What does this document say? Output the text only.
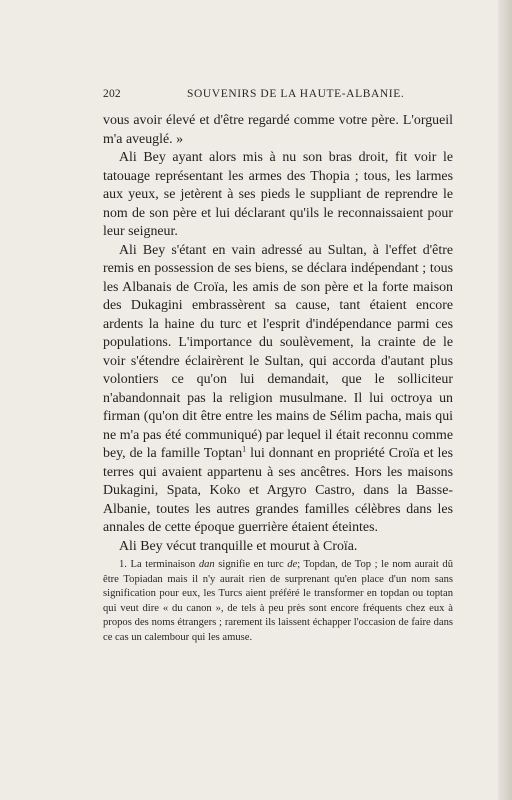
202	SOUVENIRS DE LA HAUTE-ALBANIE.

vous avoir élevé et d'être regardé comme votre père. L'orgueil m'a aveuglé. »

Ali Bey ayant alors mis à nu son bras droit, fit voir le tatouage représentant les armes des Thopia ; tous, les larmes aux yeux, se jetèrent à ses pieds le suppliant de reprendre le nom de son père et lui déclarant qu'ils le reconnaissaient pour leur seigneur.

Ali Bey s'étant en vain adressé au Sultan, à l'effet d'être remis en possession de ses biens, se déclara indépendant ; tous les Albanais de Croïa, les amis de son père et la forte maison des Dukagini embrassèrent sa cause, tant étaient encore ardents la haine du turc et l'esprit d'indépendance parmi ces populations. L'importance du soulèvement, la crainte de le voir s'étendre éclairèrent le Sultan, qui accorda d'autant plus volontiers ce qu'on lui demandait, que le solliciteur n'abandonnait pas la religion musulmane. Il lui octroya un firman (qu'on dit être entre les mains de Sélim pacha, mais qui ne m'a pas été communiqué) par lequel il était reconnu comme bey, de la famille Toptan$^1$ lui donnant en propriété Croïa et les terres qui avaient appartenu à ses ancêtres. Hors les maisons Dukagini, Spata, Koko et Argyro Castro, dans la Basse-Albanie, toutes les autres grandes familles célèbres dans les annales de cette époque guerrière étaient éteintes.

Ali Bey vécut tranquille et mourut à Croïa.

1. La terminaison dan signifie en turc de; Topdan, de Top ; le nom aurait dû être Topiadan mais il n'y aurait rien de surprenant qu'en place d'un nom sans signification pour eux, les Turcs aient préféré le transformer en topdan ou toptan qui veut dire « du canon », de tels à peu près sont encore fréquents chez eux à propos des noms étrangers ; rarement ils laissent échapper l'occasion de faire dans ce cas un calembour qui les amuse.
